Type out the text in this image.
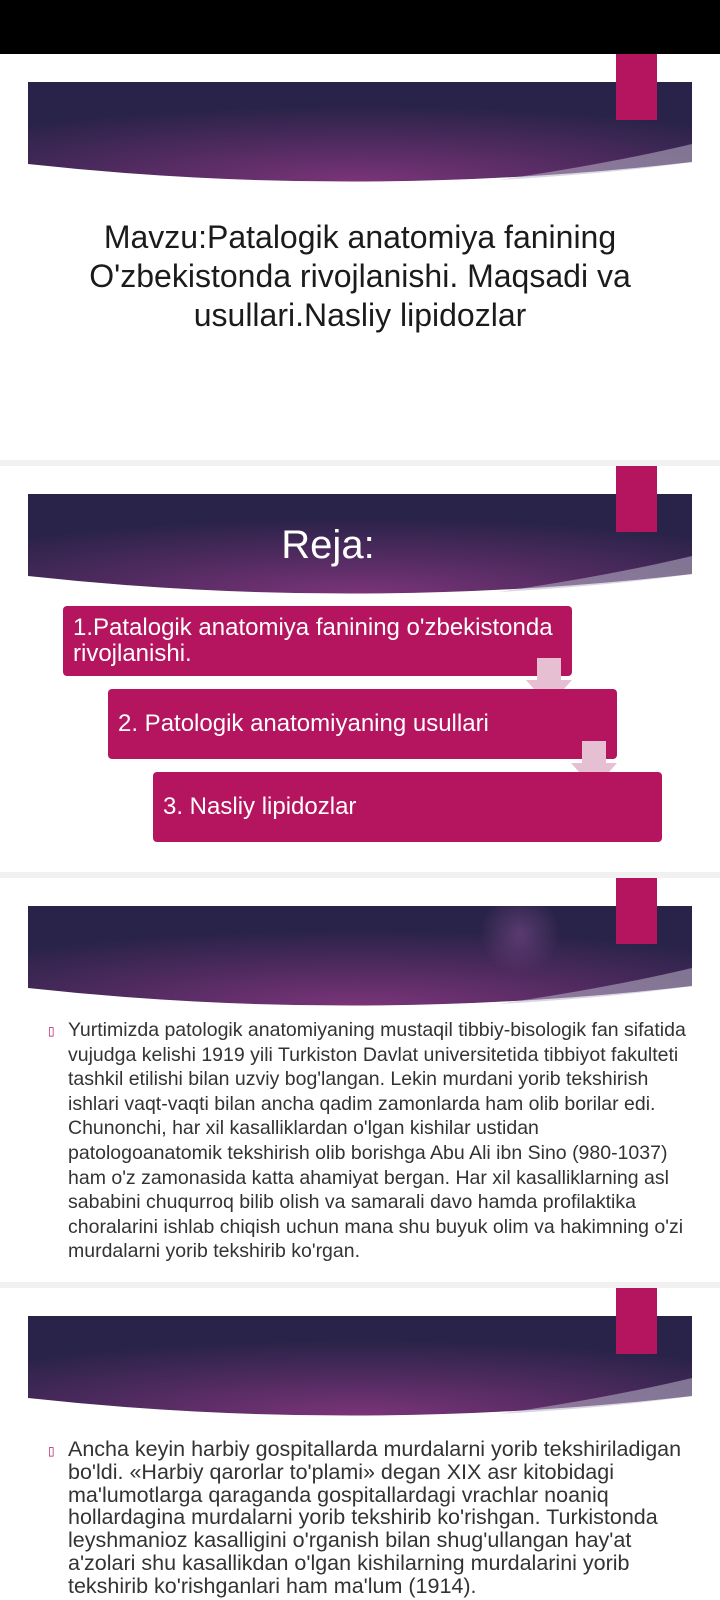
Mavzu:Patalogik anatomiya fanining O'zbekistonda rivojlanishi. Maqsadi va usullari.Nasliy lipidozlar
Reja:
1.Patalogik anatomiya fanining o'zbekistonda rivojlanishi.
2. Patologik anatomiyaning usullari
3. Nasliy lipidozlar
▯ Yurtimizda patologik anatomiyaning mustaqil tibbiy-bisologik fan sifatida vujudga kelishi 1919 yili Turkiston Davlat universitetida tibbiyot fakulteti tashkil etilishi bilan uzviy bog'langan. Lekin murdani yorib tekshirish ishlari vaqt-vaqti bilan ancha qadim zamonlarda ham olib borilar edi. Chunonchi, har xil kasalliklardan o'lgan kishilar ustidan patologoanatomik tekshirish olib borishga Abu Ali ibn Sino (980-1037) ham o'z zamonasida katta ahamiyat bergan. Har xil kasalliklarning asl sababini chuqurroq bilib olish va samarali davo hamda profilaktika choralarini ishlab chiqish uchun mana shu buyuk olim va hakimning o'zi murdalarni yorib tekshirib ko'rgan.
▯ Ancha keyin harbiy gospitallarda murdalarni yorib tekshiriladigan bo'ldi. «Harbiy qarorlar to'plami» degan XIX asr kitobidagi ma'lumotlarga qaraganda gospitallardagi vrachlar noaniq hollardagina murdalarni yorib tekshirib ko'rishgan. Turkistonda leyshmanioz kasalligini o'rganish bilan shug'ullangan hay'at a'zolari shu kasallikdan o'lgan kishilarning murdalarini yorib tekshirib ko'rishganlari ham ma'lum (1914).
